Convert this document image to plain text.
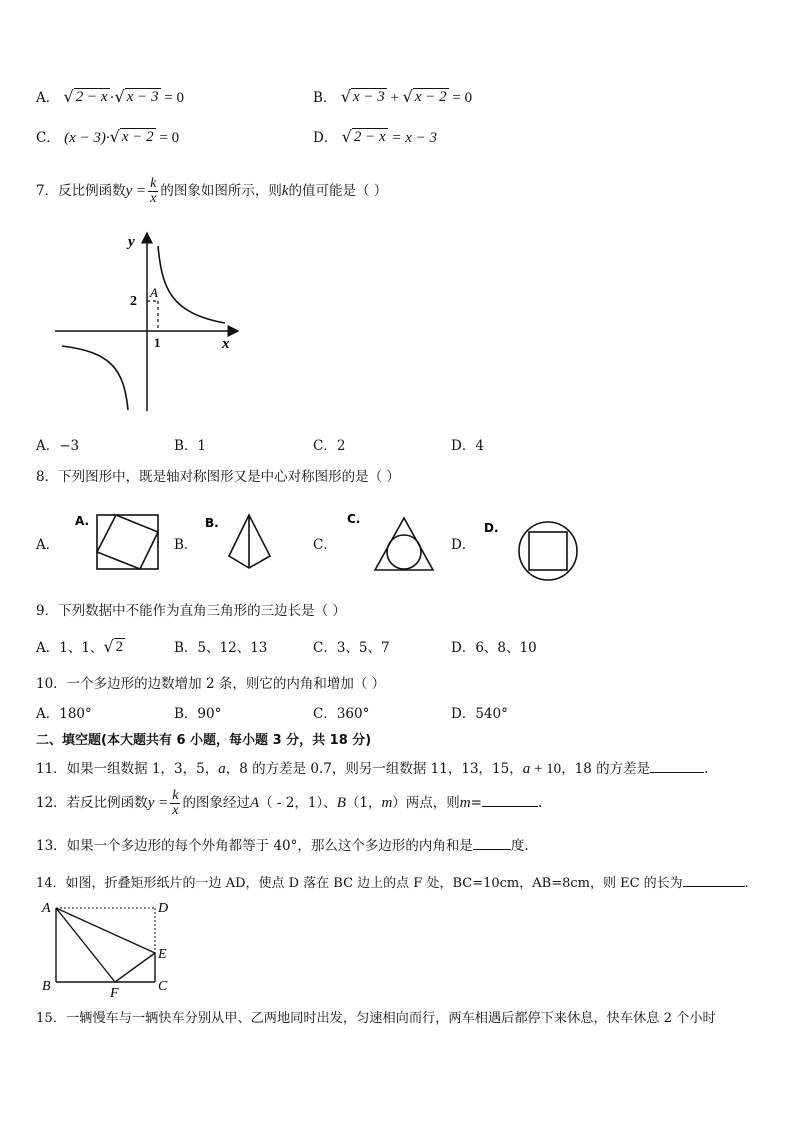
A． √ 2 − x · √ x − 3 = 0	B． √ x − 3 + √ x − 2 = 0
C． (x − 3)· √ x − 2 = 0	D． √ 2 − x = x − 3
7．反比例函数$y = \frac{k}{x}$ 的图象如图所示，则k的值可能是（ ）
y
x
2
1
A
A．−3	B．1	C．2	D．4
8．下列图形中，既是轴对称图形又是中心对称图形的是（ ）
A．	B．	C．	D．
A.	B.	C.
D.
9．下列数据中不能作为直角三角形的三边长是（ ）
A．1、1、 √ 2	B．5、12、13	C．3、5、7	D．6、8、10
10．一个多边形的边数增加 2 条，则它的内角和增加（ ）
A．180°	B．90°	C．360°	D．540°
二、填空题(本大题共有 6 小题，每小题 3 分，共 18 分)
11．如果一组数据 1，3，5，a，8 的方差是 0.7，则另一组数据 11，13，15，a + 10，18 的方差是	.
12．若反比例函数$y = \frac{k}{x}$ 的图象经过A（ - 2，1）、B（1，m）两点，则m=	.
13．如果一个多边形的每个外角都等于 40°，那么这个多边形的内角和是	度.
14．如图，折叠矩形纸片的一边 AD，使点 D 落在 BC 边上的点 F 处，BC=10cm，AB=8cm，则 EC 的长为	.
A	D
B	C
E
F
15．一辆慢车与一辆快车分别从甲、乙两地同时出发，匀速相向而行，两车相遇后都停下来休息，快车休息 2 个小时
